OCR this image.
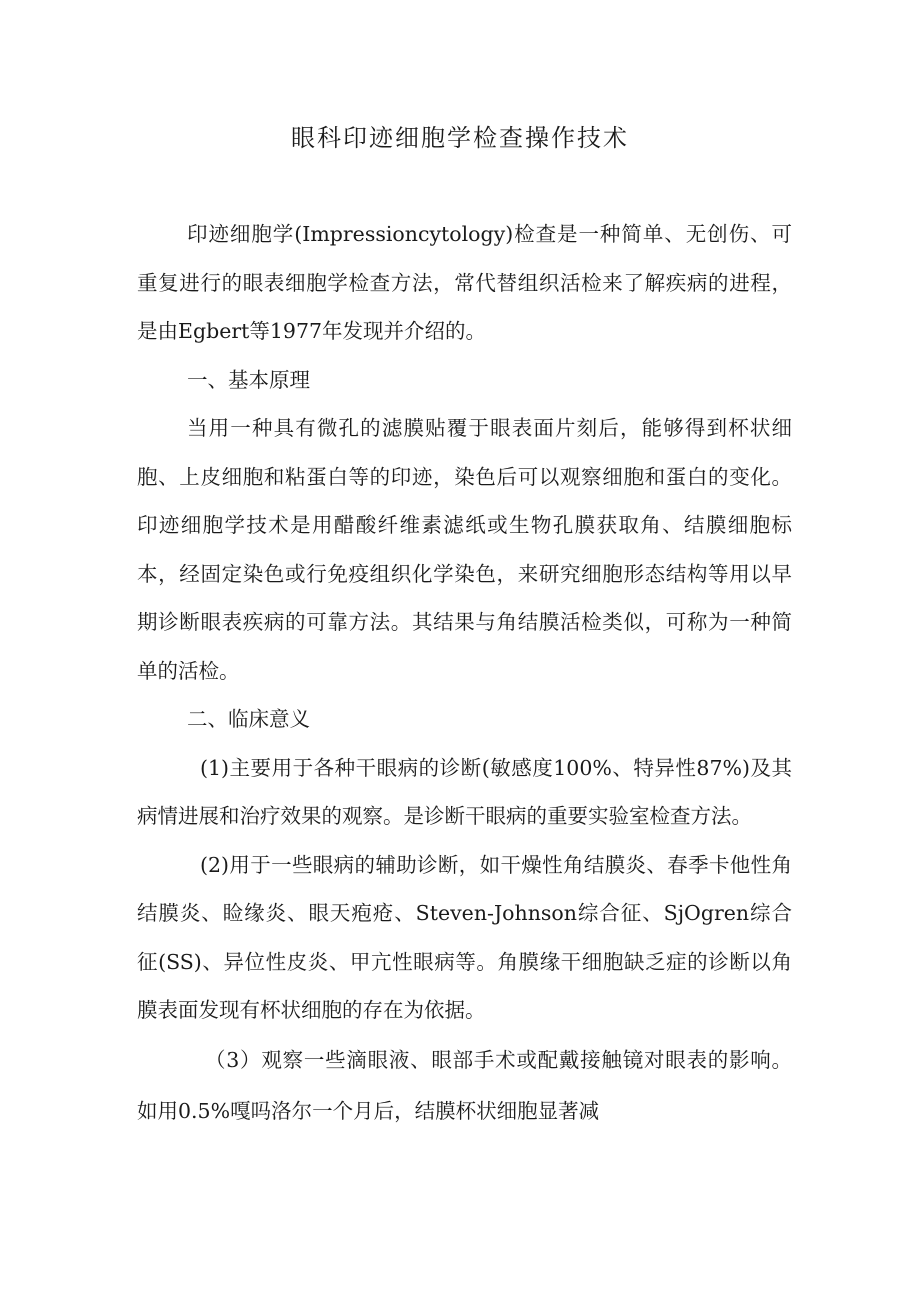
眼科印迹细胞学检查操作技术

印迹细胞学(Impressioncytology)检查是一种简单、无创伤、可重复进行的眼表细胞学检查方法，常代替组织活检来了解疾病的进程，是由Egbert等1977年发现并介绍的。

一、基本原理

当用一种具有微孔的滤膜贴覆于眼表面片刻后，能够得到杯状细胞、上皮细胞和粘蛋白等的印迹，染色后可以观察细胞和蛋白的变化。印迹细胞学技术是用醋酸纤维素滤纸或生物孔膜获取角、结膜细胞标本，经固定染色或行免疫组织化学染色，来研究细胞形态结构等用以早期诊断眼表疾病的可靠方法。其结果与角结膜活检类似，可称为一种简单的活检。

二、临床意义

(1)主要用于各种干眼病的诊断(敏感度100%、特异性87%)及其病情进展和治疗效果的观察。是诊断干眼病的重要实验室检查方法。

(2)用于一些眼病的辅助诊断，如干燥性角结膜炎、春季卡他性角结膜炎、睑缘炎、眼天疱疮、Steven-Johnson综合征、SjOgren综合征(SS)、异位性皮炎、甲亢性眼病等。角膜缘干细胞缺乏症的诊断以角膜表面发现有杯状细胞的存在为依据。

（3）观察一些滴眼液、眼部手术或配戴接触镜对眼表的影响。如用0.5%嘎吗洛尔一个月后，结膜杯状细胞显著减
